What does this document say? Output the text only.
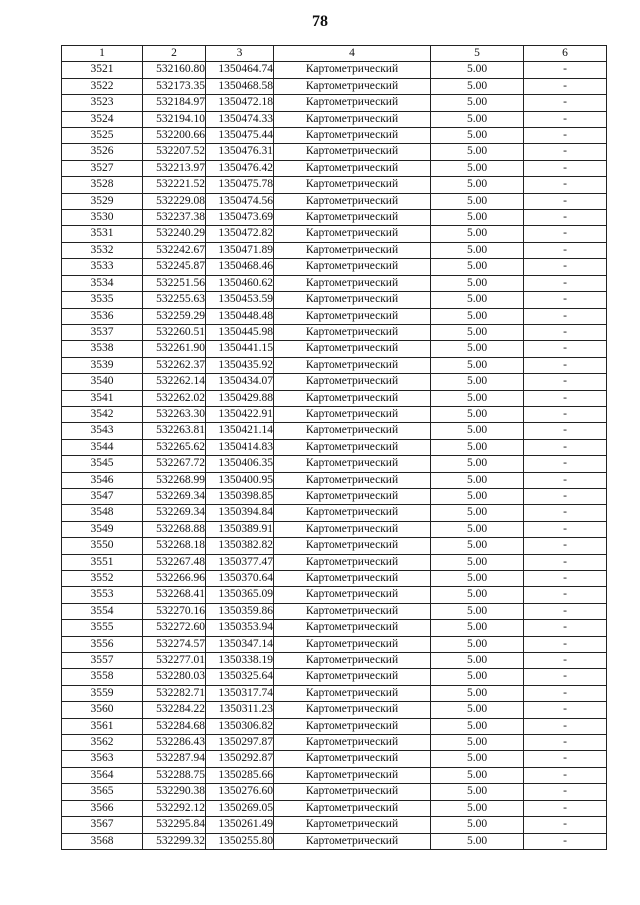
78
1	2	3	4	5	6
3521	532160.80	1350464.74	Картометрический	5.00	-
3522	532173.35	1350468.58	Картометрический	5.00	-
3523	532184.97	1350472.18	Картометрический	5.00	-
3524	532194.10	1350474.33	Картометрический	5.00	-
3525	532200.66	1350475.44	Картометрический	5.00	-
3526	532207.52	1350476.31	Картометрический	5.00	-
3527	532213.97	1350476.42	Картометрический	5.00	-
3528	532221.52	1350475.78	Картометрический	5.00	-
3529	532229.08	1350474.56	Картометрический	5.00	-
3530	532237.38	1350473.69	Картометрический	5.00	-
3531	532240.29	1350472.82	Картометрический	5.00	-
3532	532242.67	1350471.89	Картометрический	5.00	-
3533	532245.87	1350468.46	Картометрический	5.00	-
3534	532251.56	1350460.62	Картометрический	5.00	-
3535	532255.63	1350453.59	Картометрический	5.00	-
3536	532259.29	1350448.48	Картометрический	5.00	-
3537	532260.51	1350445.98	Картометрический	5.00	-
3538	532261.90	1350441.15	Картометрический	5.00	-
3539	532262.37	1350435.92	Картометрический	5.00	-
3540	532262.14	1350434.07	Картометрический	5.00	-
3541	532262.02	1350429.88	Картометрический	5.00	-
3542	532263.30	1350422.91	Картометрический	5.00	-
3543	532263.81	1350421.14	Картометрический	5.00	-
3544	532265.62	1350414.83	Картометрический	5.00	-
3545	532267.72	1350406.35	Картометрический	5.00	-
3546	532268.99	1350400.95	Картометрический	5.00	-
3547	532269.34	1350398.85	Картометрический	5.00	-
3548	532269.34	1350394.84	Картометрический	5.00	-
3549	532268.88	1350389.91	Картометрический	5.00	-
3550	532268.18	1350382.82	Картометрический	5.00	-
3551	532267.48	1350377.47	Картометрический	5.00	-
3552	532266.96	1350370.64	Картометрический	5.00	-
3553	532268.41	1350365.09	Картометрический	5.00	-
3554	532270.16	1350359.86	Картометрический	5.00	-
3555	532272.60	1350353.94	Картометрический	5.00	-
3556	532274.57	1350347.14	Картометрический	5.00	-
3557	532277.01	1350338.19	Картометрический	5.00	-
3558	532280.03	1350325.64	Картометрический	5.00	-
3559	532282.71	1350317.74	Картометрический	5.00	-
3560	532284.22	1350311.23	Картометрический	5.00	-
3561	532284.68	1350306.82	Картометрический	5.00	-
3562	532286.43	1350297.87	Картометрический	5.00	-
3563	532287.94	1350292.87	Картометрический	5.00	-
3564	532288.75	1350285.66	Картометрический	5.00	-
3565	532290.38	1350276.60	Картометрический	5.00	-
3566	532292.12	1350269.05	Картометрический	5.00	-
3567	532295.84	1350261.49	Картометрический	5.00	-
3568	532299.32	1350255.80	Картометрический	5.00	-
